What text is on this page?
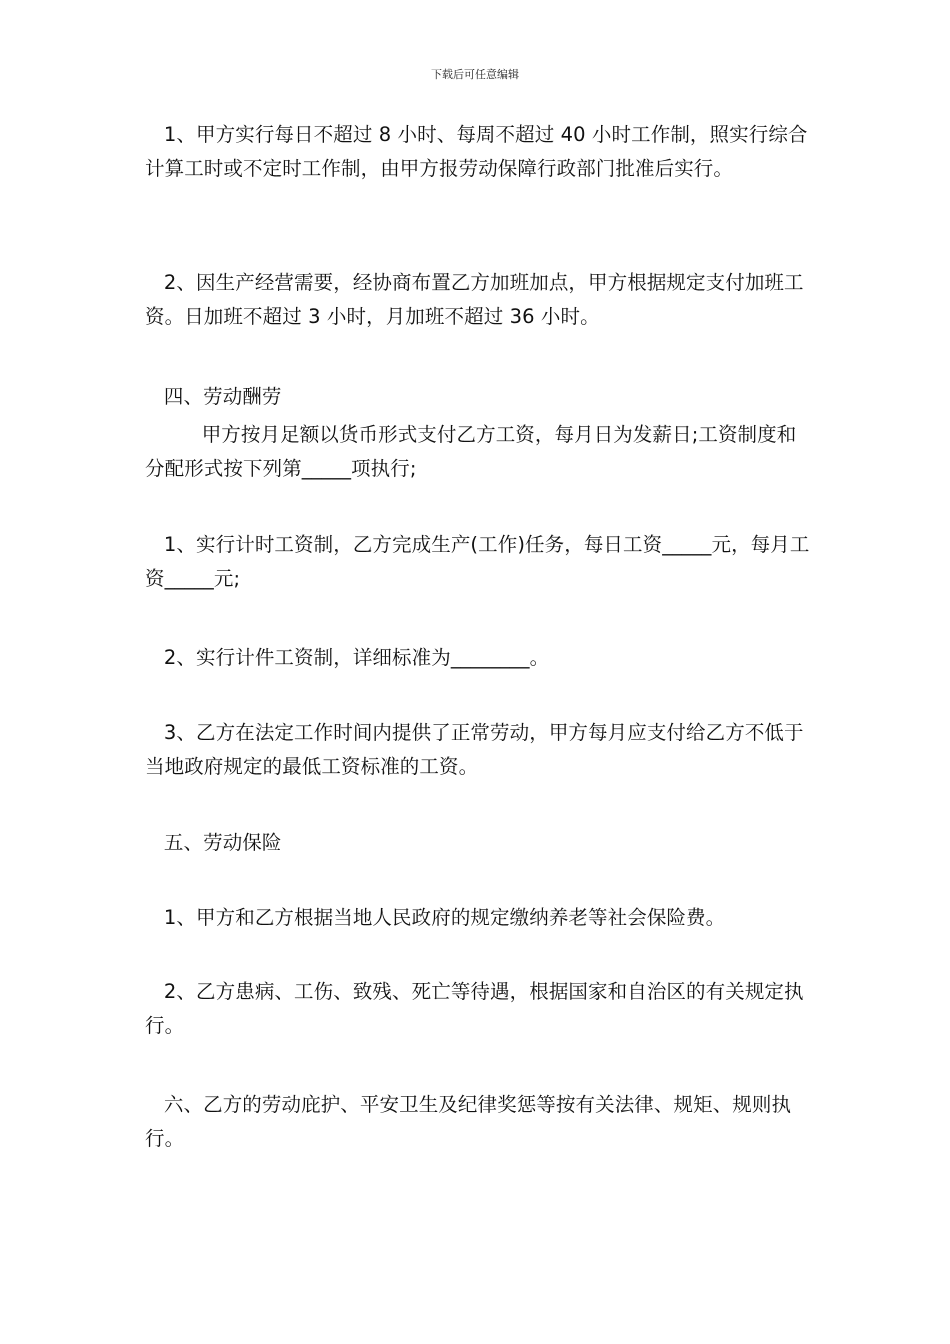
下载后可任意编辑
1、甲方实行每日不超过 8 小时、每周不超过 40 小时工作制，照实行综合计算工时或不定时工作制，由甲方报劳动保障行政部门批准后实行。
2、因生产经营需要，经协商布置乙方加班加点，甲方根据规定支付加班工资。日加班不超过 3 小时，月加班不超过 36 小时。
四、劳动酬劳
甲方按月足额以货币形式支付乙方工资，每月日为发薪日;工资制度和分配形式按下列第_____项执行;
1、实行计时工资制，乙方完成生产(工作)任务，每日工资_____元，每月工资_____元;
2、实行计件工资制，详细标准为________。
3、乙方在法定工作时间内提供了正常劳动，甲方每月应支付给乙方不低于当地政府规定的最低工资标准的工资。
五、劳动保险
1、甲方和乙方根据当地人民政府的规定缴纳养老等社会保险费。
2、乙方患病、工伤、致残、死亡等待遇，根据国家和自治区的有关规定执行。
六、乙方的劳动庇护、平安卫生及纪律奖惩等按有关法律、规矩、规则执行。
